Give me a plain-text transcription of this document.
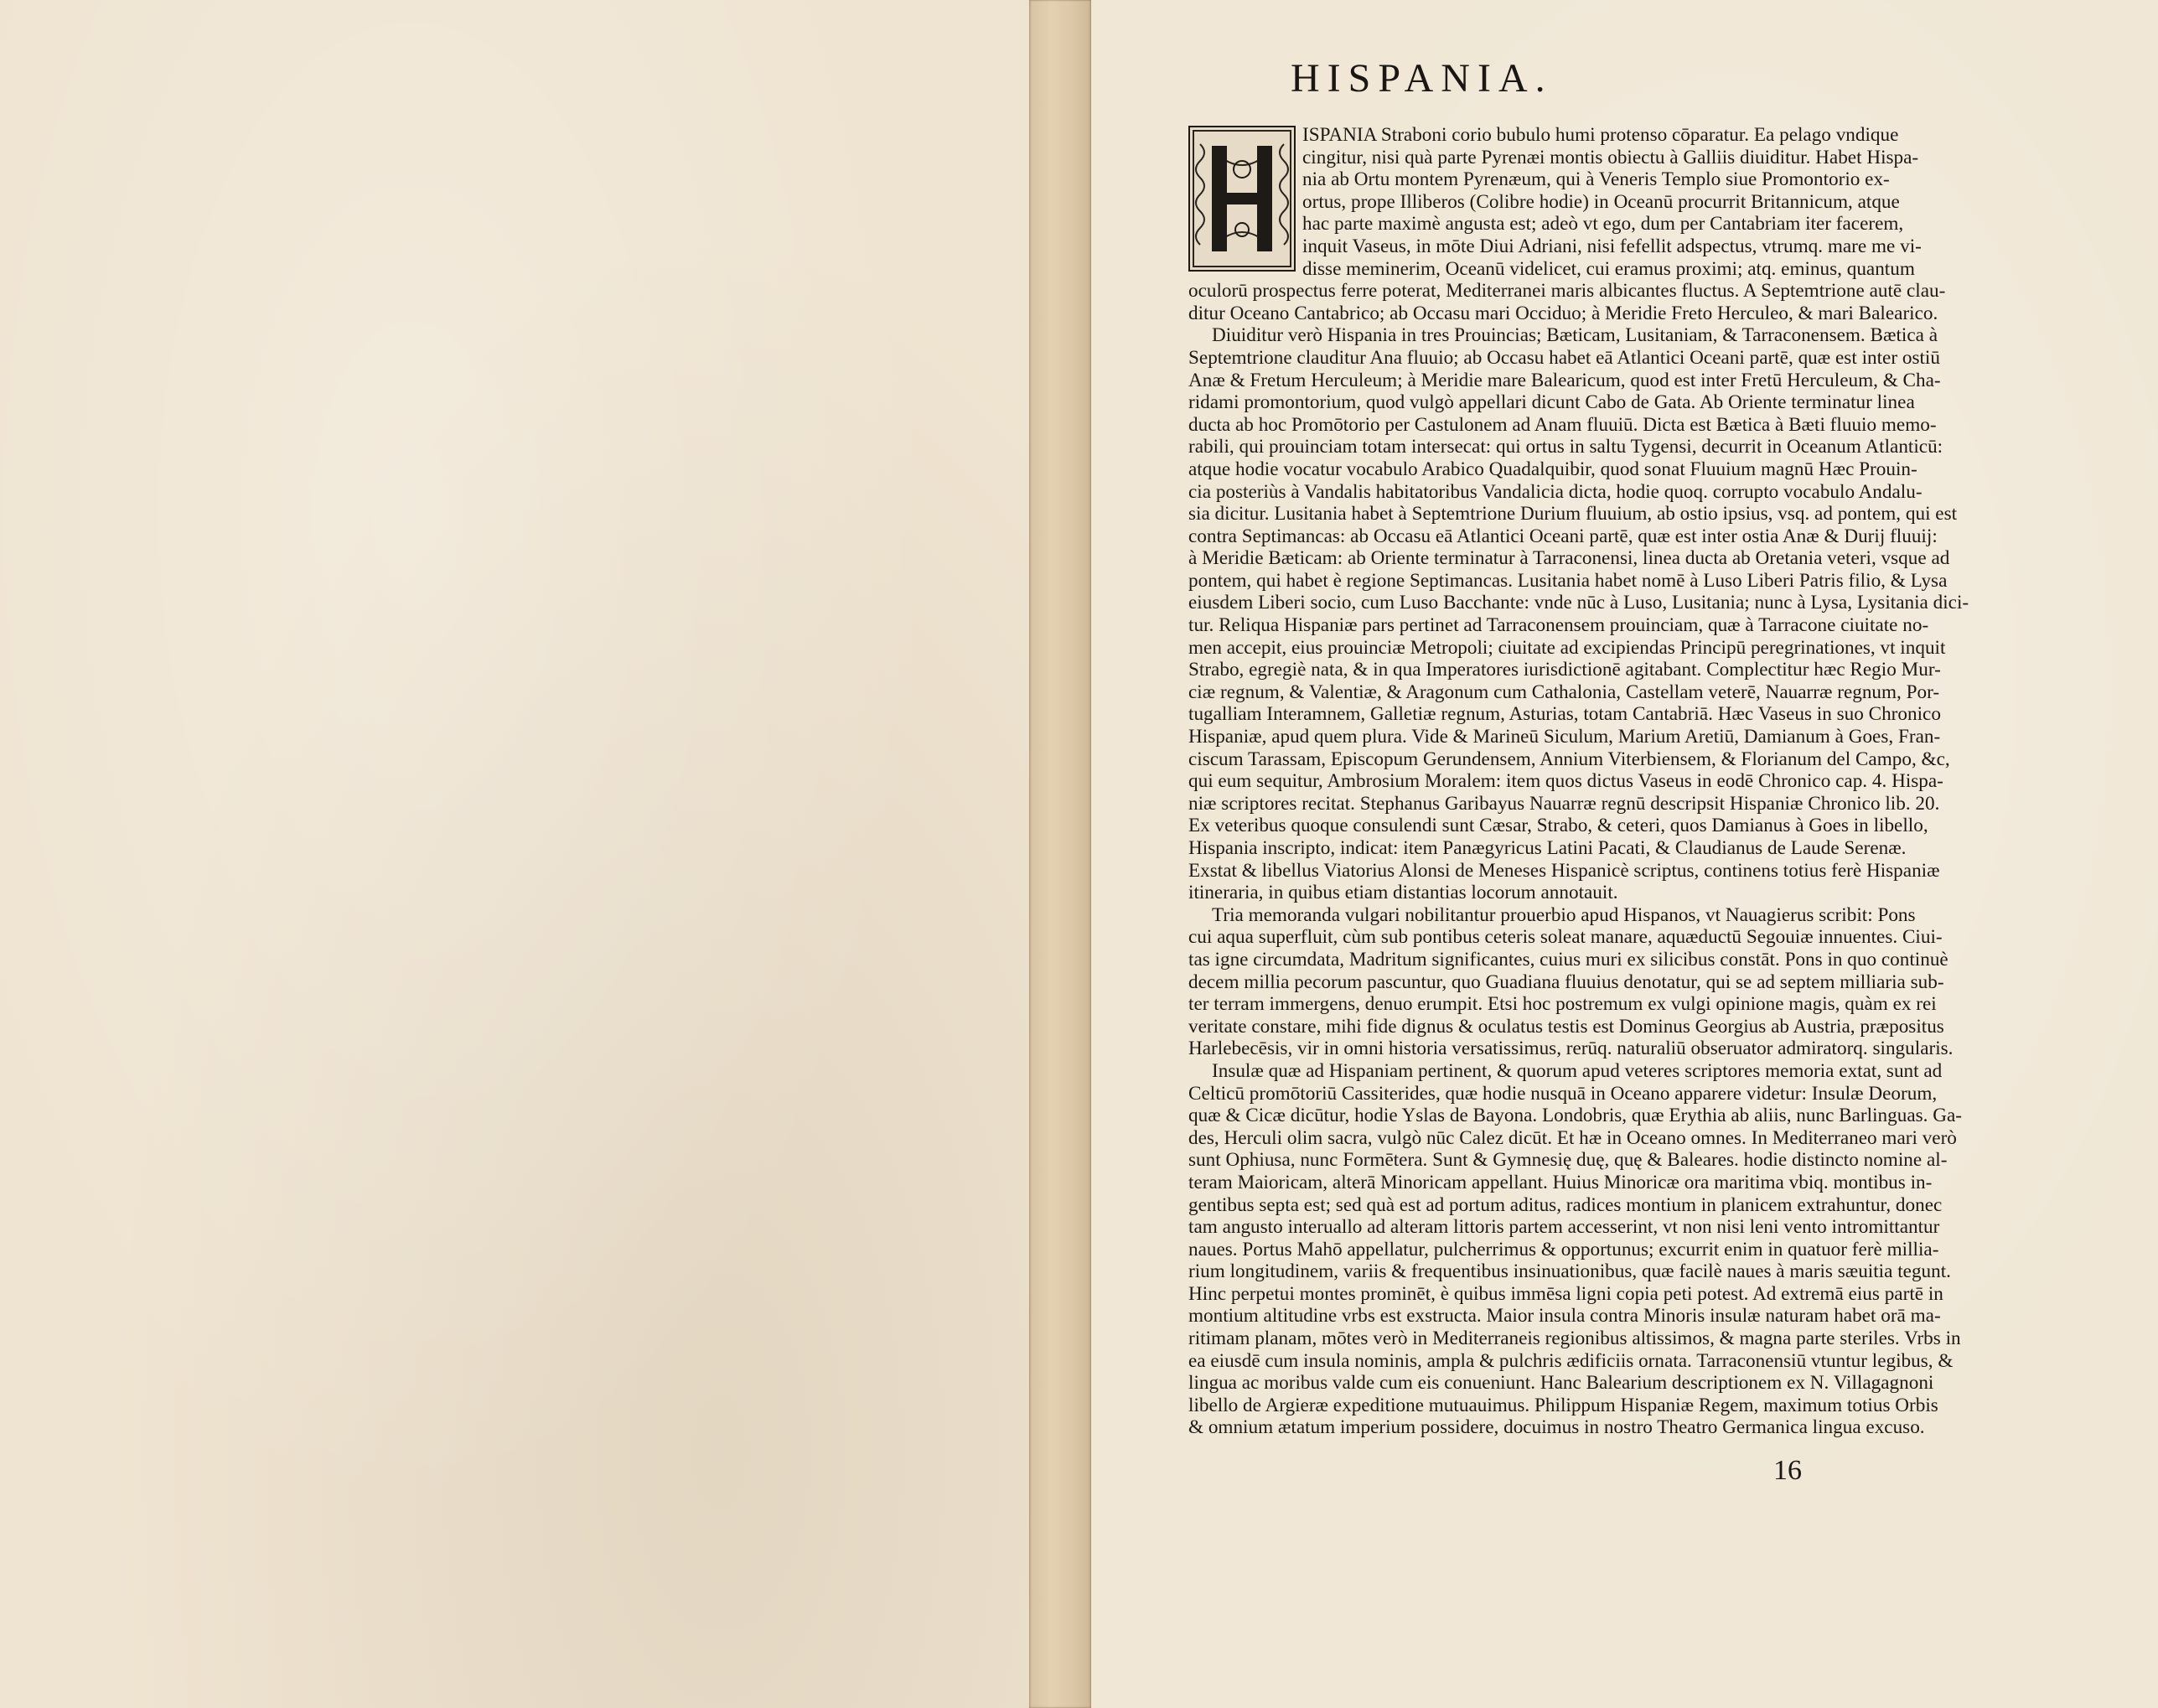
HISPANIA.
ISPANIA Straboni corio bubulo humi protenso cōparatur. Ea pelago vndique
cingitur, nisi quà parte Pyrenæi montis obiectu à Galliis diuiditur. Habet Hispa-
nia ab Ortu montem Pyrenæum, qui à Veneris Templo siue Promontorio ex-
ortus, prope Illiberos (Colibre hodie) in Oceanū procurrit Britannicum, atque
hac parte maximè angusta est; adeò vt ego, dum per Cantabriam iter facerem,
inquit Vaseus, in mōte Diui Adriani, nisi fefellit adspectus, vtrumq. mare me vi-
disse meminerim, Oceanū videlicet, cui eramus proximi; atq. eminus, quantum
oculorū prospectus ferre poterat, Mediterranei maris albicantes fluctus. A Septemtrione autē clau-
ditur Oceano Cantabrico; ab Occasu mari Occiduo; à Meridie Freto Herculeo, & mari Balearico.
Diuiditur verò Hispania in tres Prouincias; Bæticam, Lusitaniam, & Tarraconensem. Bætica à
Septemtrione clauditur Ana fluuio; ab Occasu habet eā Atlantici Oceani partē, quæ est inter ostiū
Anæ & Fretum Herculeum; à Meridie mare Balearicum, quod est inter Fretū Herculeum, & Cha-
ridami promontorium, quod vulgò appellari dicunt Cabo de Gata. Ab Oriente terminatur linea
ducta ab hoc Promōtorio per Castulonem ad Anam fluuiū. Dicta est Bætica à Bæti fluuio memo-
rabili, qui prouinciam totam intersecat: qui ortus in saltu Tygensi, decurrit in Oceanum Atlanticū:
atque hodie vocatur vocabulo Arabico Quadalquibir, quod sonat Fluuium magnū Hæc Prouin-
cia posteriùs à Vandalis habitatoribus Vandalicia dicta, hodie quoq. corrupto vocabulo Andalu-
sia dicitur. Lusitania habet à Septemtrione Durium fluuium, ab ostio ipsius, vsq. ad pontem, qui est
contra Septimancas: ab Occasu eā Atlantici Oceani partē, quæ est inter ostia Anæ & Durij fluuij:
à Meridie Bæticam: ab Oriente terminatur à Tarraconensi, linea ducta ab Oretania veteri, vsque ad
pontem, qui habet è regione Septimancas. Lusitania habet nomē à Luso Liberi Patris filio, & Lysa
eiusdem Liberi socio, cum Luso Bacchante: vnde nūc à Luso, Lusitania; nunc à Lysa, Lysitania dici-
tur. Reliqua Hispaniæ pars pertinet ad Tarraconensem prouinciam, quæ à Tarracone ciuitate no-
men accepit, eius prouinciæ Metropoli; ciuitate ad excipiendas Principū peregrinationes, vt inquit
Strabo, egregiè nata, & in qua Imperatores iurisdictionē agitabant. Complectitur hæc Regio Mur-
ciæ regnum, & Valentiæ, & Aragonum cum Cathalonia, Castellam veterē, Nauarræ regnum, Por-
tugalliam Interamnem, Galletiæ regnum, Asturias, totam Cantabriā. Hæc Vaseus in suo Chronico
Hispaniæ, apud quem plura. Vide & Marineū Siculum, Marium Aretiū, Damianum à Goes, Fran-
ciscum Tarassam, Episcopum Gerundensem, Annium Viterbiensem, & Florianum del Campo, &c,
qui eum sequitur, Ambrosium Moralem: item quos dictus Vaseus in eodē Chronico cap. 4. Hispa-
niæ scriptores recitat. Stephanus Garibayus Nauarræ regnū descripsit Hispaniæ Chronico lib. 20.
Ex veteribus quoque consulendi sunt Cæsar, Strabo, & ceteri, quos Damianus à Goes in libello,
Hispania inscripto, indicat: item Panægyricus Latini Pacati, & Claudianus de Laude Serenæ.
Exstat & libellus Viatorius Alonsi de Meneses Hispanicè scriptus, continens totius ferè Hispaniæ
itineraria, in quibus etiam distantias locorum annotauit.
Tria memoranda vulgari nobilitantur prouerbio apud Hispanos, vt Nauagierus scribit: Pons
cui aqua superfluit, cùm sub pontibus ceteris soleat manare, aquæductū Segouiæ innuentes. Ciui-
tas igne circumdata, Madritum significantes, cuius muri ex silicibus constāt. Pons in quo continuè
decem millia pecorum pascuntur, quo Guadiana fluuius denotatur, qui se ad septem milliaria sub-
ter terram immergens, denuo erumpit. Etsi hoc postremum ex vulgi opinione magis, quàm ex rei
veritate constare, mihi fide dignus & oculatus testis est Dominus Georgius ab Austria, præpositus
Harlebecēsis, vir in omni historia versatissimus, rerūq. naturaliū obseruator admiratorq. singularis.
Insulæ quæ ad Hispaniam pertinent, & quorum apud veteres scriptores memoria extat, sunt ad
Celticū promōtoriū Cassiterides, quæ hodie nusquā in Oceano apparere videtur: Insulæ Deorum,
quæ & Cicæ dicūtur, hodie Yslas de Bayona. Londobris, quæ Erythia ab aliis, nunc Barlinguas. Ga-
des, Herculi olim sacra, vulgò nūc Calez dicūt. Et hæ in Oceano omnes. In Mediterraneo mari verò
sunt Ophiusa, nunc Formētera. Sunt & Gymnesię duę, quę & Baleares. hodie distincto nomine al-
teram Maioricam, alterā Minoricam appellant. Huius Minoricæ ora maritima vbiq. montibus in-
gentibus septa est; sed quà est ad portum aditus, radices montium in planicem extrahuntur, donec
tam angusto interuallo ad alteram littoris partem accesserint, vt non nisi leni vento intromittantur
naues. Portus Mahō appellatur, pulcherrimus & opportunus; excurrit enim in quatuor ferè millia-
rium longitudinem, variis & frequentibus insinuationibus, quæ facilè naues à maris sæuitia tegunt.
Hinc perpetui montes prominēt, è quibus immēsa ligni copia peti potest. Ad extremā eius partē in
montium altitudine vrbs est exstructa. Maior insula contra Minoris insulæ naturam habet orā ma-
ritimam planam, mōtes verò in Mediterraneis regionibus altissimos, & magna parte steriles. Vrbs in
ea eiusdē cum insula nominis, ampla & pulchris ædificiis ornata. Tarraconensiū vtuntur legibus, &
lingua ac moribus valde cum eis conueniunt. Hanc Balearium descriptionem ex N. Villagagnoni
libello de Argieræ expeditione mutuauimus. Philippum Hispaniæ Regem, maximum totius Orbis
& omnium ætatum imperium possidere, docuimus in nostro Theatro Germanica lingua excuso.
16
